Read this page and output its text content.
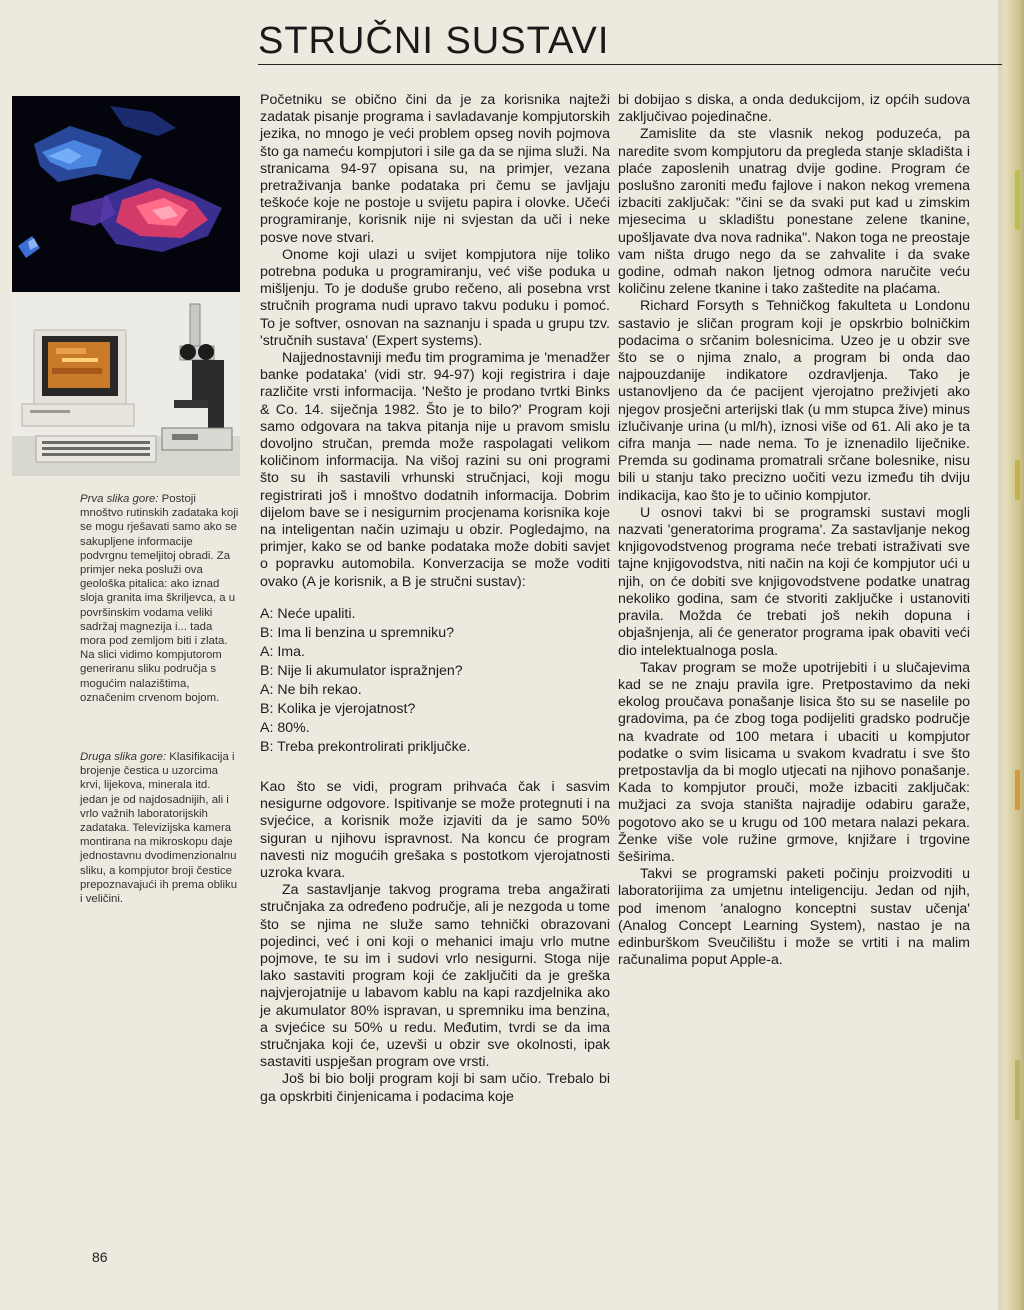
STRUČNI SUSTAVI

Prva slika gore: Postoji mnoštvo rutinskih zadataka koji se mogu rješavati samo ako se sakupljene informacije podvrgnu temeljitoj obradi. Za primjer neka posluži ova geološka pitalica: ako iznad sloja granita ima škriljevca, a u površinskim vodama veliki sadržaj magnezija i... tada mora pod zemljom biti i zlata. Na slici vidimo kompjutorom generiranu sliku područja s mogućim nalazištima, označenim crvenom bojom.

Druga slika gore: Klasifikacija i brojenje čestica u uzorcima krvi, lijekova, minerala itd. jedan je od najdosadnijih, ali i vrlo važnih laboratorijskih zadataka. Televizijska kamera montirana na mikroskopu daje jednostavnu dvodimenzionalnu sliku, a kompjutor broji čestice prepoznavajući ih prema obliku i veličini.

Početniku se obično čini da je za korisnika najteži zadatak pisanje programa i savladavanje kompjutorskih jezika, no mnogo je veći problem opseg novih pojmova što ga nameću kompjutori i sile ga da se njima služi. Na stranicama 94-97 opisana su, na primjer, vezana pretraživanja banke podataka pri čemu se javljaju teškoće koje ne postoje u svijetu papira i olovke. Učeći programiranje, korisnik nije ni svjestan da uči i neke posve nove stvari.

Onome koji ulazi u svijet kompjutora nije toliko potrebna poduka u programiranju, već više poduka u mišljenju. To je doduše grubo rečeno, ali posebna vrst stručnih programa nudi upravo takvu poduku i pomoć. To je softver, osnovan na saznanju i spada u grupu tzv. 'stručnih sustava' (Expert systems).

Najjednostavniji među tim programima je 'menadžer banke podataka' (vidi str. 94-97) koji registrira i daje različite vrsti informacija. 'Nešto je prodano tvrtki Binks & Co. 14. siječnja 1982. Što je to bilo?' Program koji samo odgovara na takva pitanja nije u pravom smislu dovoljno stručan, premda može raspolagati velikom količinom informacija. Na višoj razini su oni programi što su ih sastavili vrhunski stručnjaci, koji mogu registrirati još i mnoštvo dodatnih informacija. Dobrim dijelom bave se i nesigurnim procjenama korisnika koje na inteligentan način uzimaju u obzir. Pogledajmo, na primjer, kako se od banke podataka može dobiti savjet o popravku automobila. Konverzacija se može voditi ovako (A je korisnik, a B je stručni sustav):

A: Neće upaliti.
B: Ima li benzina u spremniku?
A: Ima.
B: Nije li akumulator ispražnjen?
A: Ne bih rekao.
B: Kolika je vjerojatnost?
A: 80%.
B: Treba prekontrolirati priključke.

Kao što se vidi, program prihvaća čak i sasvim nesigurne odgovore. Ispitivanje se može protegnuti i na svjećice, a korisnik može izjaviti da je samo 50% siguran u njihovu ispravnost. Na koncu će program navesti niz mogućih grešaka s postotkom vjerojatnosti uzroka kvara.

Za sastavljanje takvog programa treba angažirati stručnjaka za određeno područje, ali je nezgoda u tome što se njima ne služe samo tehnički obrazovani pojedinci, već i oni koji o mehanici imaju vrlo mutne pojmove, te su im i sudovi vrlo nesigurni. Stoga nije lako sastaviti program koji će zaključiti da je greška najvjerojatnije u labavom kablu na kapi razdjelnika ako je akumulator 80% ispravan, u spremniku ima benzina, a svjećice su 50% u redu. Međutim, tvrdi se da ima stručnjaka koji će, uzevši u obzir sve okolnosti, ipak sastaviti uspješan program ove vrsti.

Još bi bio bolji program koji bi sam učio. Trebalo bi ga opskrbiti činjenicama i podacima koje

bi dobijao s diska, a onda dedukcijom, iz općih sudova zaključivao pojedinačne.

Zamislite da ste vlasnik nekog poduzeća, pa naredite svom kompjutoru da pregleda stanje skladišta i plaće zaposlenih unatrag dvije godine. Program će poslušno zaroniti među fajlove i nakon nekog vremena izbaciti zaključak: "čini se da svaki put kad u zimskim mjesecima u skladištu ponestane zelene tkanine, upošljavate dva nova radnika". Nakon toga ne preostaje vam ništa drugo nego da se zahvalite i da svake godine, odmah nakon ljetnog odmora naručite veću količinu zelene tkanine i tako zaštedite na plaćama.

Richard Forsyth s Tehničkog fakulteta u Londonu sastavio je sličan program koji je opskrbio bolničkim podacima o srčanim bolesnicima. Uzeo je u obzir sve što se o njima znalo, a program bi onda dao najpouzdanije indikatore ozdravljenja. Tako je ustanovljeno da će pacijent vjerojatno preživjeti ako njegov prosječni arterijski tlak (u mm stupca žive) minus izlučivanje urina (u ml/h), iznosi više od 61. Ali ako je ta cifra manja — nade nema. To je iznenadilo liječnike. Premda su godinama promatrali srčane bolesnike, nisu bili u stanju tako precizno uočiti vezu između tih dviju indikacija, kao što je to učinio kompjutor.

U osnovi takvi bi se programski sustavi mogli nazvati 'generatorima programa'. Za sastavljanje nekog knjigovodstvenog programa neće trebati istraživati sve tajne knjigovodstva, niti način na koji će kompjutor ući u njih, on će dobiti sve knjigovodstvene podatke unatrag nekoliko godina, sam će stvoriti zaključke i ustanoviti pravila. Možda će trebati još nekih dopuna i objašnjenja, ali će generator programa ipak obaviti veći dio intelektualnoga posla.

Takav program se može upotrijebiti i u slučajevima kad se ne znaju pravila igre. Pretpostavimo da neki ekolog proučava ponašanje lisica što su se naselile po gradovima, pa će zbog toga podijeliti gradsko područje na kvadrate od 100 metara i ubaciti u kompjutor podatke o svim lisicama u svakom kvadratu i sve što pretpostavlja da bi moglo utjecati na njihovo ponašanje. Kada to kompjutor prouči, može izbaciti zaključak: mužjaci za svoja staništa najradije odabiru garaže, pogotovo ako se u krugu od 100 metara nalazi pekara. Ženke više vole ružine grmove, knjižare i trgovine šeširima.

Takvi se programski paketi počinju proizvoditi u laboratorijima za umjetnu inteligenciju. Jedan od njih, pod imenom 'analogno konceptni sustav učenja' (Analog Concept Learning System), nastao je na edinburškom Sveučilištu i može se vrtiti i na malim računalima poput Apple-a.

86
